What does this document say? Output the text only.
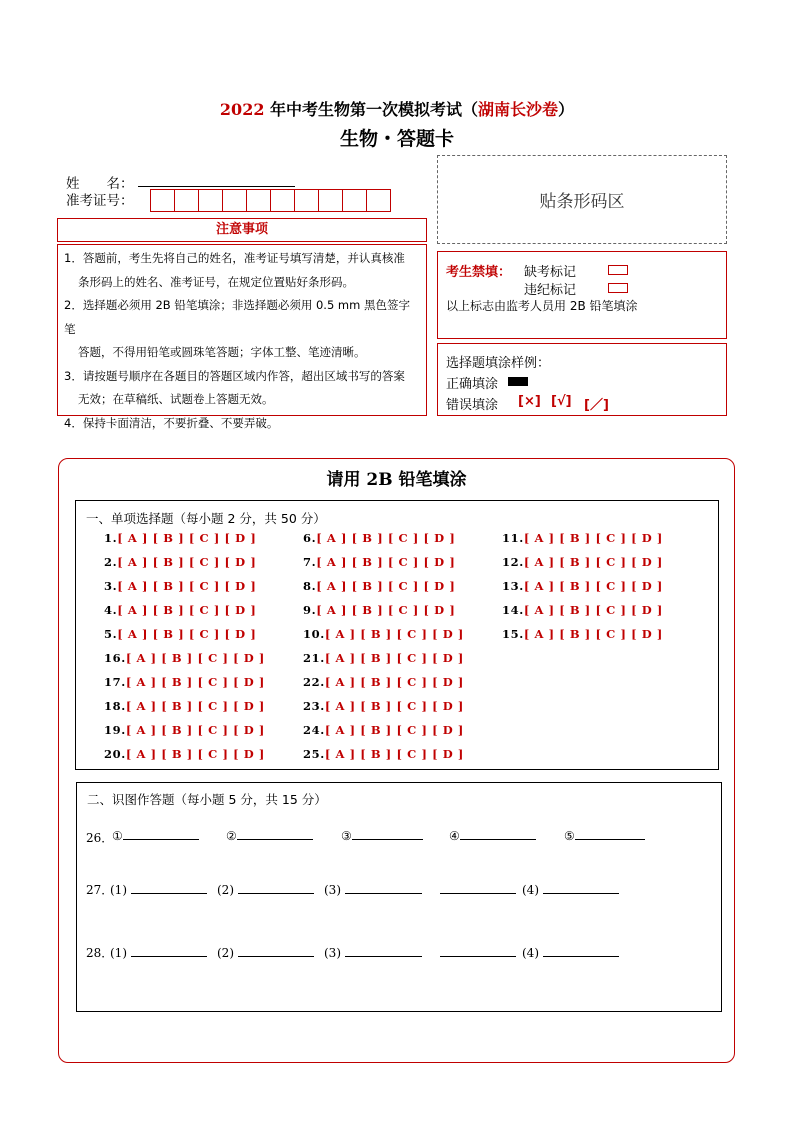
2022 年中考生物第一次模拟考试（湖南长沙卷）
生物・答题卡
姓　　名：
准考证号：	贴条形码区
注意事项

1．答题前，考生先将自己的姓名，准考证号填写清楚，并认真核准

条形码上的姓名、准考证号，在规定位置贴好条形码。

2．选择题必须用 2B 铅笔填涂；非选择题必须用 0.5 mm 黑色签字笔

答题，不得用铅笔或圆珠笔答题；字体工整、笔迹清晰。

3．请按题号顺序在各题目的答题区域内作答，超出区域书写的答案

无效；在草稿纸、试题卷上答题无效。

4．保持卡面清洁，不要折叠、不要弄破。

考生禁填： 缺考标记
违纪标记
以上标志由监考人员用 2B 铅笔填涂
选择题填涂样例：
正确填涂
错误填涂 [×] [√] [／]
请用 2B 铅笔填涂
一、单项选择题（每小题 2 分，共 50 分）
1.[ A ] [ B ] [ C ] [ D ]
2.[ A ] [ B ] [ C ] [ D ]
3.[ A ] [ B ] [ C ] [ D ]
4.[ A ] [ B ] [ C ] [ D ]
5.[ A ] [ B ] [ C ] [ D ]
6.[ A ] [ B ] [ C ] [ D ]
7.[ A ] [ B ] [ C ] [ D ]
8.[ A ] [ B ] [ C ] [ D ]
9.[ A ] [ B ] [ C ] [ D ]
10.[ A ] [ B ] [ C ] [ D ]
11.[ A ] [ B ] [ C ] [ D ]
12.[ A ] [ B ] [ C ] [ D ]
13.[ A ] [ B ] [ C ] [ D ]
14.[ A ] [ B ] [ C ] [ D ]
15.[ A ] [ B ] [ C ] [ D ]
16.[ A ] [ B ] [ C ] [ D ]
17.[ A ] [ B ] [ C ] [ D ]
18.[ A ] [ B ] [ C ] [ D ]
19.[ A ] [ B ] [ C ] [ D ]
20.[ A ] [ B ] [ C ] [ D ]
21.[ A ] [ B ] [ C ] [ D ]
22.[ A ] [ B ] [ C ] [ D ]
23.[ A ] [ B ] [ C ] [ D ]
24.[ A ] [ B ] [ C ] [ D ]
25.[ A ] [ B ] [ C ] [ D ]
二、识图作答题（每小题 5 分，共 15 分）
26．
①	②	③	④	⑤
27．
(1)	(2)	(3)	(4)
28．
(1)	(2)	(3)	(4)
